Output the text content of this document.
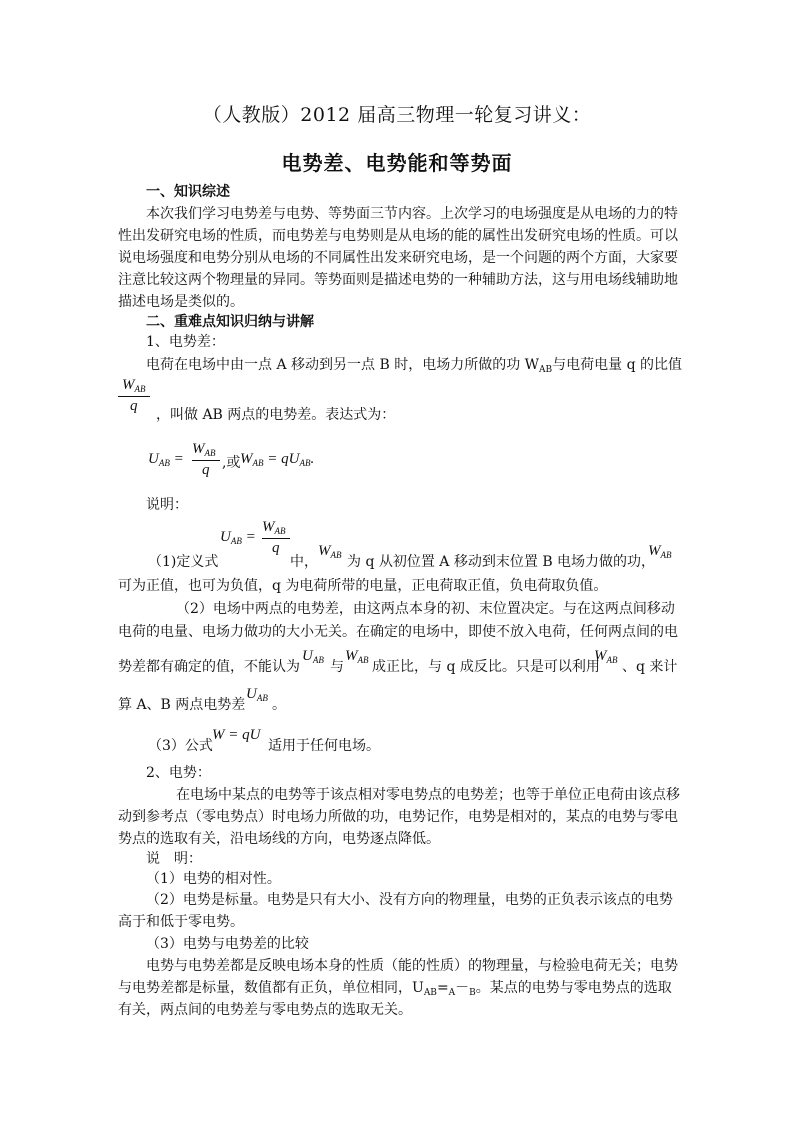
（人教版）2012 届高三物理一轮复习讲义：
电势差、电势能和等势面
一、知识综述
本次我们学习电势差与电势、等势面三节内容。上次学习的电场强度是从电场的力的特
性出发研究电场的性质，而电势差与电势则是从电场的能的属性出发研究电场的性质。可以
说电场强度和电势分别从电场的不同属性出发来研究电场，是一个问题的两个方面，大家要
注意比较这两个物理量的异同。等势面则是描述电势的一种辅助方法，这与用电场线辅助地
描述电场是类似的。
二、重难点知识归纳与讲解
1、电势差：
电荷在电场中由一点 A 移动到另一点 B 时，电场力所做的功 $W_{AB}$与电荷电量 q 的比值
$W_{AB}$
q
，叫做 AB 两点的电势差。表达式为：
$U_{AB}$ =
$W_{AB}$
q ,或 $W_{AB} = qU_{AB}$.
说明：
$U_{AB}$ =
$W_{AB}$
q
（1)定义式	中，
$W_{AB}$ 为 q 从初位置 A 移动到末位置 B 电场力做的功，
$W_{AB}$
可为正值，也可为负值，q 为电荷所带的电量，正电荷取正值，负电荷取负值。
（2）电场中两点的电势差，由这两点本身的初、末位置决定。与在这两点间移动
电荷的电量、电场力做功的大小无关。在确定的电场中，即使不放入电荷，任何两点间的电
势差都有确定的值，不能认为
$U_{AB}$ 与
$W_{AB}$ 成正比，与 q 成反比。只是可以利用
$W_{AB}$ 、q 来计
算 A、B 两点电势差
$U_{AB}$ 。
（3）公式
W = qU
适用于任何电场。
2、电势：
在电场中某点的电势等于该点相对零电势点的电势差；也等于单位正电荷由该点移
动到参考点（零电势点）时电场力所做的功，电势记作，电势是相对的，某点的电势与零电
势点的选取有关，沿电场线的方向，电势逐点降低。
说　明：
（1）电势的相对性。
（2）电势是标量。电势是只有大小、没有方向的物理量，电势的正负表示该点的电势
高于和低于零电势。
（3）电势与电势差的比较
电势与电势差都是反映电场本身的性质（能的性质）的物理量，与检验电荷无关；电势
与电势差都是标量，数值都有正负，单位相同，$U_{AB}=_A-_B$。某点的电势与零电势点的选取
有关，两点间的电势差与零电势点的选取无关。
